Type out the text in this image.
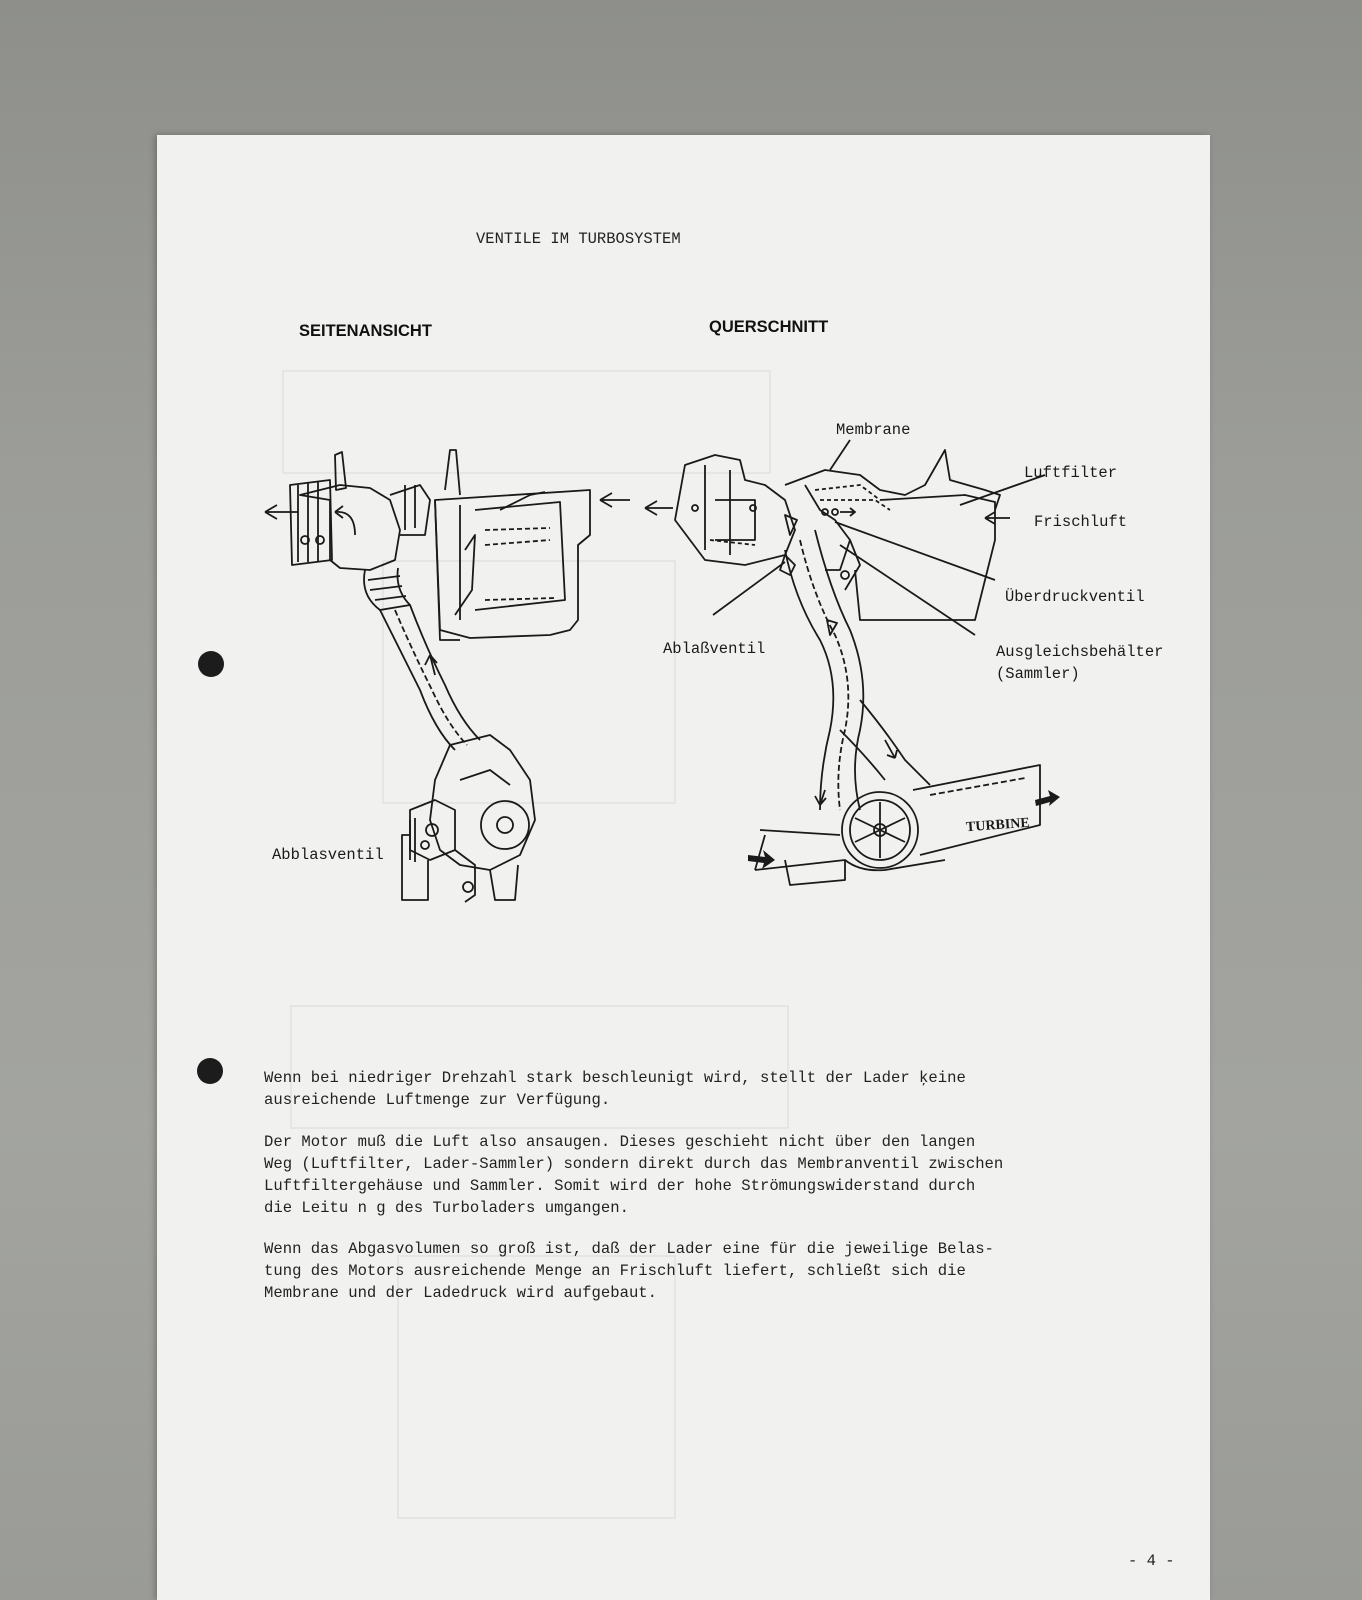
VENTILE IM TURBOSYSTEM
SEITENANSICHT	QUERSCHNITT
Abblasventil
Membrane
Luftfilter
Frischluft
Überdruckventil
Ablaßventil	Ausgleichsbehälter
(Sammler)
TURBINE
Wenn bei niedriger Drehzahl stark beschleunigt wird, stellt der Lader ķeine
ausreichende Luftmenge zur Verfügung.
Der Motor muß die Luft also ansaugen. Dieses geschieht nicht über den langen
Weg (Luftfilter, Lader-Sammler) sondern direkt durch das Membranventil zwischen
Luftfiltergehäuse und Sammler. Somit wird der hohe Strömungswiderstand durch
die Leitu n g des Turboladers umgangen.
Wenn das Abgasvolumen so groß ist, daß der Lader eine für die jeweilige Belas-
tung des Motors ausreichende Menge an Frischluft liefert, schließt sich die
Membrane und der Ladedruck wird aufgebaut.
- 4 -
